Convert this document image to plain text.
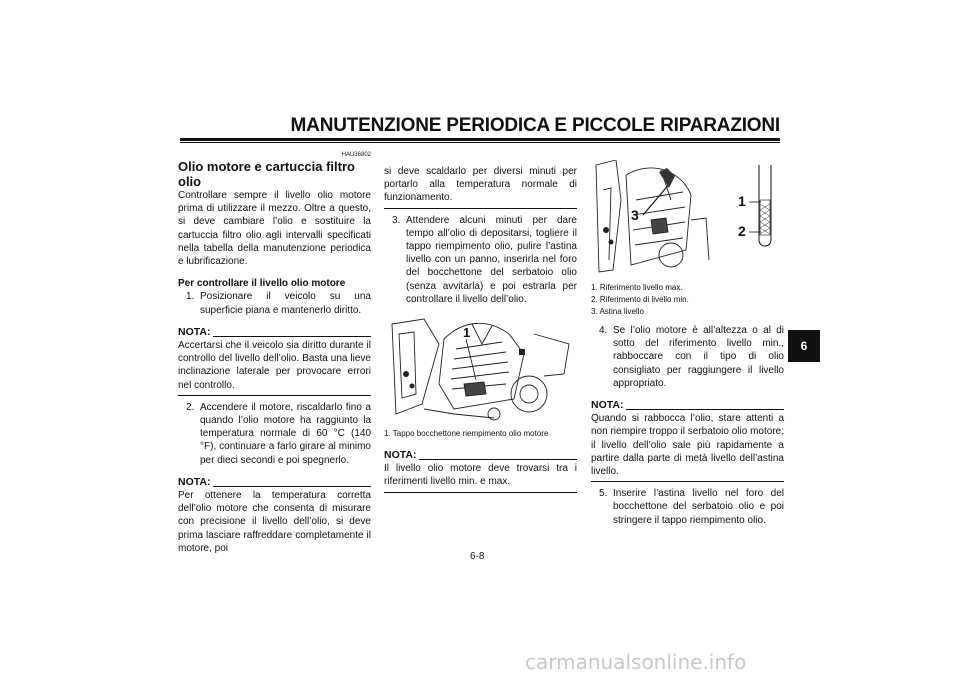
MANUTENZIONE PERIODICA E PICCOLE RIPARAZIONI

HAU36802

Olio motore e cartuccia filtro olio

Controllare sempre il livello olio motore prima di utilizzare il mezzo. Oltre a questo, si deve cambiare l’olio e sostituire la cartuccia filtro olio agli intervalli specificati nella tabella della manutenzione periodica e lubrificazione.

Per controllare il livello olio motore

1. Posizionare il veicolo su una superficie piana e mantenerlo diritto.
NOTA:

Accertarsi che il veicolo sia diritto durante il controllo del livello dell’olio. Basta una lieve inclinazione laterale per provocare errori nel controllo.

2. Accendere il motore, riscaldarlo fino a quando l’olio motore ha raggiunto la temperatura normale di 60 °C (140 °F), continuare a farlo girare al minimo per dieci secondi e poi spegnerlo.
NOTA:

Per ottenere la temperatura corretta dell’olio motore che consenta di misurare con precisione il livello dell’olio, si deve prima lasciare raffreddare completamente il motore, poi

si deve scaldarlo per diversi minuti per portarlo alla temperatura normale di funzionamento.

3. Attendere alcuni minuti per dare tempo all’olio di depositarsi, togliere il tappo riempimento olio, pulire l’astina livello con un panno, inserirla nel foro del bocchettone del serbatoio olio (senza avvitarla) e poi estrarla per controllare il livello dell’olio.
1

1. Tappo bocchettone riempimento olio motore

NOTA:

Il livello olio motore deve trovarsi tra i riferimenti livello min. e max.

3
1
2

1. Riferimento livello max.

2. Riferimento di livello min.

3. Astina livello

4. Se l’olio motore è all’altezza o al di sotto del riferimento livello min., rabboccare con il tipo di olio consigliato per raggiungere il livello appropriato.
NOTA:

Quando si rabbocca l’olio, stare attenti a non riempire troppo il serbatoio olio motore; il livello dell’olio sale più rapidamente a partire dalla parte di metà livello dell’astina livello.

5. Inserire l’astina livello nel foro del bocchettone del serbatoio olio e poi stringere il tappo riempimento olio.
6
6-8
carmanualsonline.info
